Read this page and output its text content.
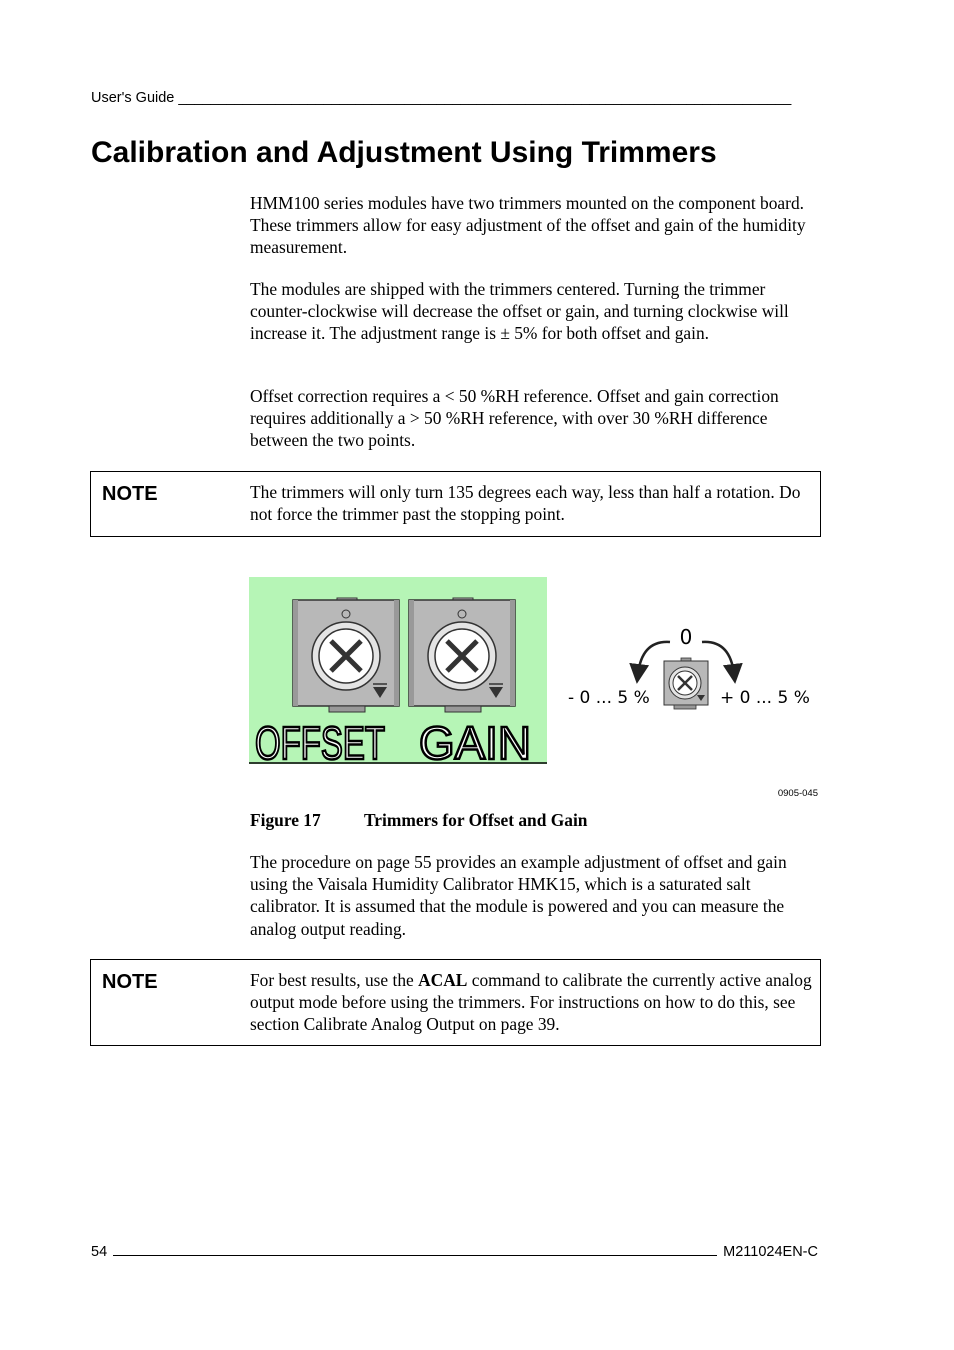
User's Guide ____________________________________________________________________________
Calibration and Adjustment Using Trimmers

HMM100 series modules have two trimmers mounted on the component board. These trimmers allow for easy adjustment of the offset and gain of the humidity measurement.

The modules are shipped with the trimmers centered. Turning the trimmer counter-clockwise will decrease the offset or gain, and turning clockwise will increase it. The adjustment range is ± 5% for both offset and gain.

Offset correction requires a < 50 %RH reference. Offset and gain correction requires additionally a > 50 %RH reference, with over 30 %RH difference between the two points.

NOTE	The trimmers will only turn 135 degrees each way, less than half a rotation. Do not force the trimmer past the stopping point.
OFFSET GAIN
0
- 0 ... 5 %	+ 0 ... 5 %
0905-045
Figure 17 Trimmers for Offset and Gain

The procedure on page 55 provides an example adjustment of offset and gain using the Vaisala Humidity Calibrator HMK15, which is a saturated salt calibrator. It is assumed that the module is powered and you can measure the analog output reading.

NOTE	For best results, use the ACAL command to calibrate the currently active analog output mode before using the trimmers. For instructions on how to do this, see section Calibrate Analog Output on page 39.
54	M211024EN-C
